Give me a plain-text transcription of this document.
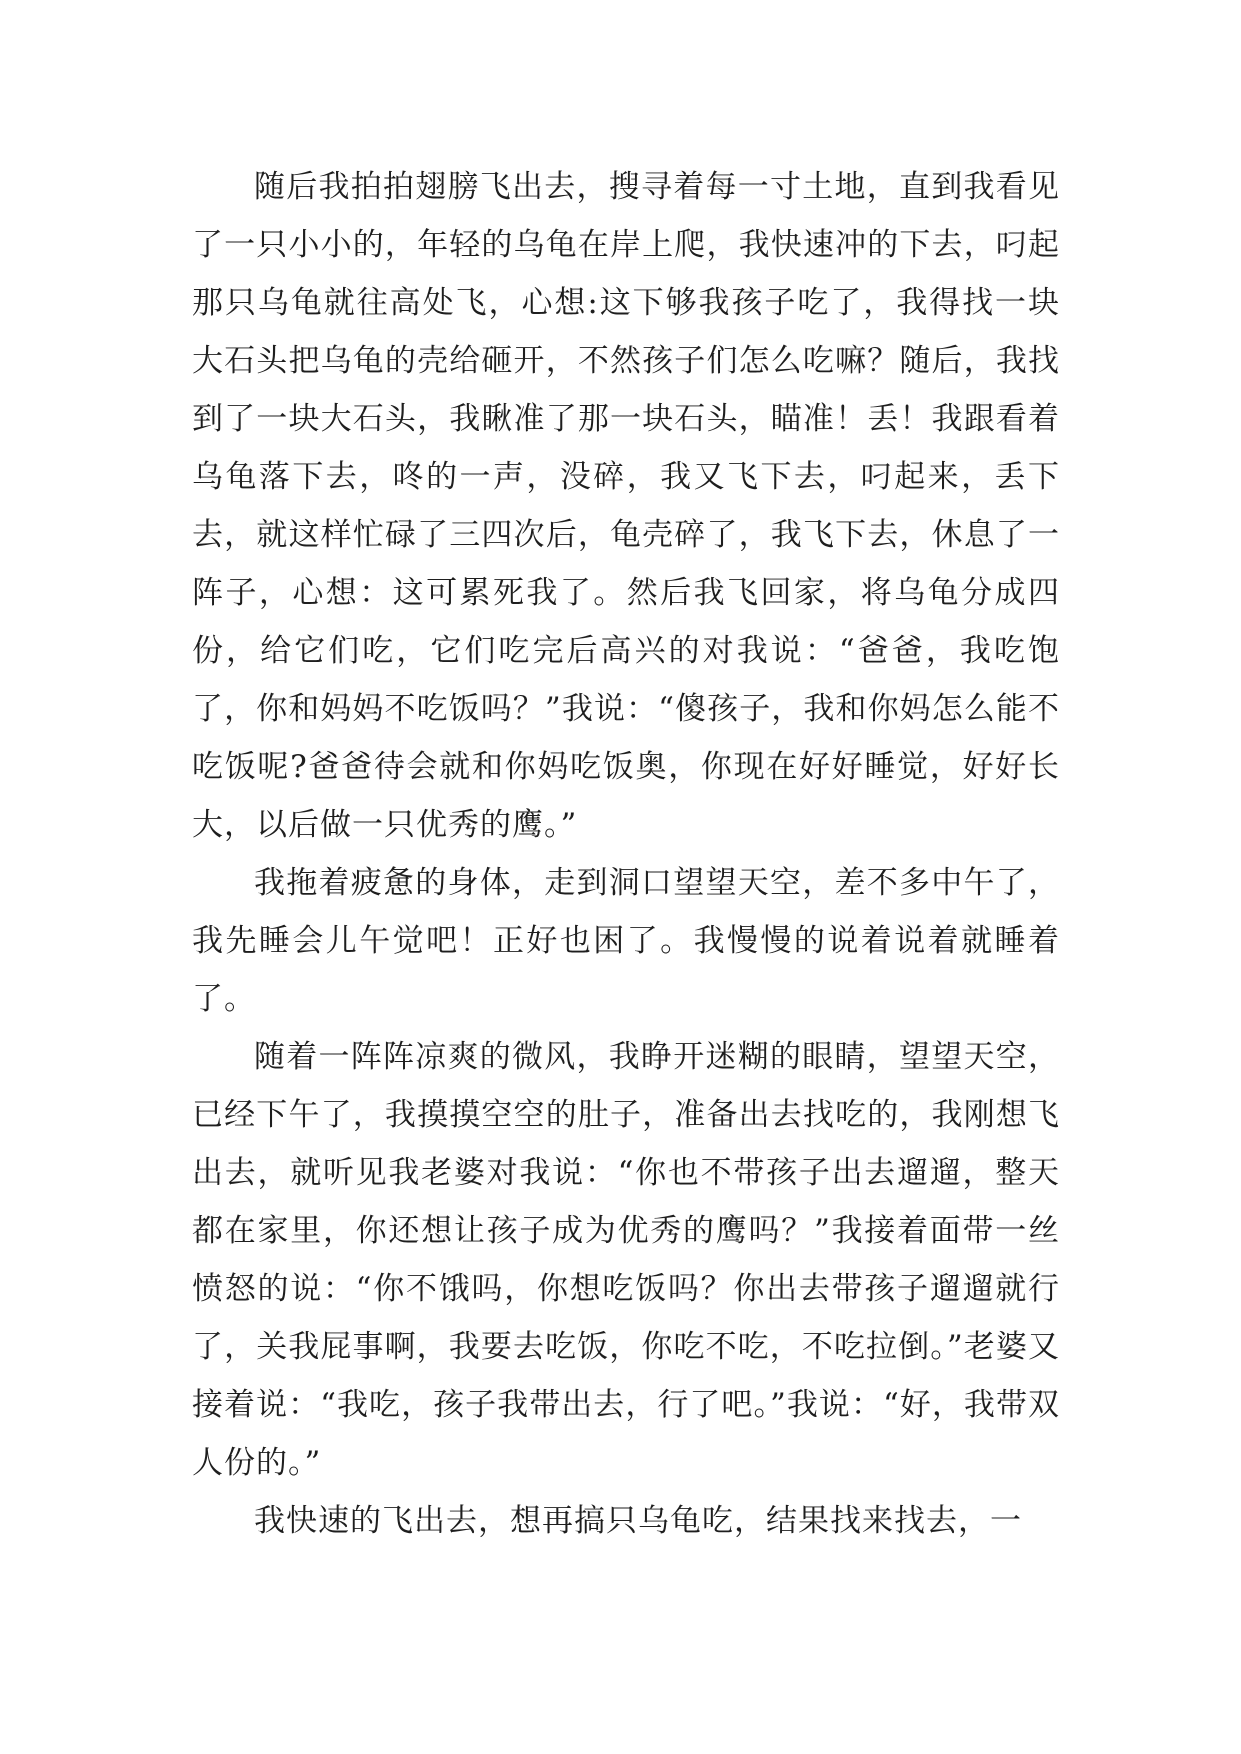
随后我拍拍翅膀飞出去，搜寻着每一寸土地，直到我看见了一只小小的，年轻的乌龟在岸上爬，我快速冲的下去，叼起那只乌龟就往高处飞，心想:这下够我孩子吃了，我得找一块大石头把乌龟的壳给砸开，不然孩子们怎么吃嘛？随后，我找到了一块大石头，我瞅准了那一块石头，瞄准！丢！我跟看着乌龟落下去，咚的一声，没碎，我又飞下去，叼起来，丢下去，就这样忙碌了三四次后，龟壳碎了，我飞下去，休息了一阵子，心想：这可累死我了。然后我飞回家，将乌龟分成四份，给它们吃，它们吃完后高兴的对我说：“爸爸，我吃饱了，你和妈妈不吃饭吗？”我说：“傻孩子，我和你妈怎么能不吃饭呢?爸爸待会就和你妈吃饭奥，你现在好好睡觉，好好长大，以后做一只优秀的鹰。”

我拖着疲惫的身体，走到洞口望望天空，差不多中午了，我先睡会儿午觉吧！正好也困了。我慢慢的说着说着就睡着了。

随着一阵阵凉爽的微风，我睁开迷糊的眼睛，望望天空，已经下午了，我摸摸空空的肚子，准备出去找吃的，我刚想飞出去，就听见我老婆对我说：“你也不带孩子出去遛遛，整天都在家里，你还想让孩子成为优秀的鹰吗？”我接着面带一丝愤怒的说：“你不饿吗，你想吃饭吗？你出去带孩子遛遛就行了，关我屁事啊，我要去吃饭，你吃不吃，不吃拉倒。”老婆又接着说：“我吃，孩子我带出去，行了吧。”我说：“好，我带双人份的。”

我快速的飞出去，想再搞只乌龟吃，结果找来找去，一
